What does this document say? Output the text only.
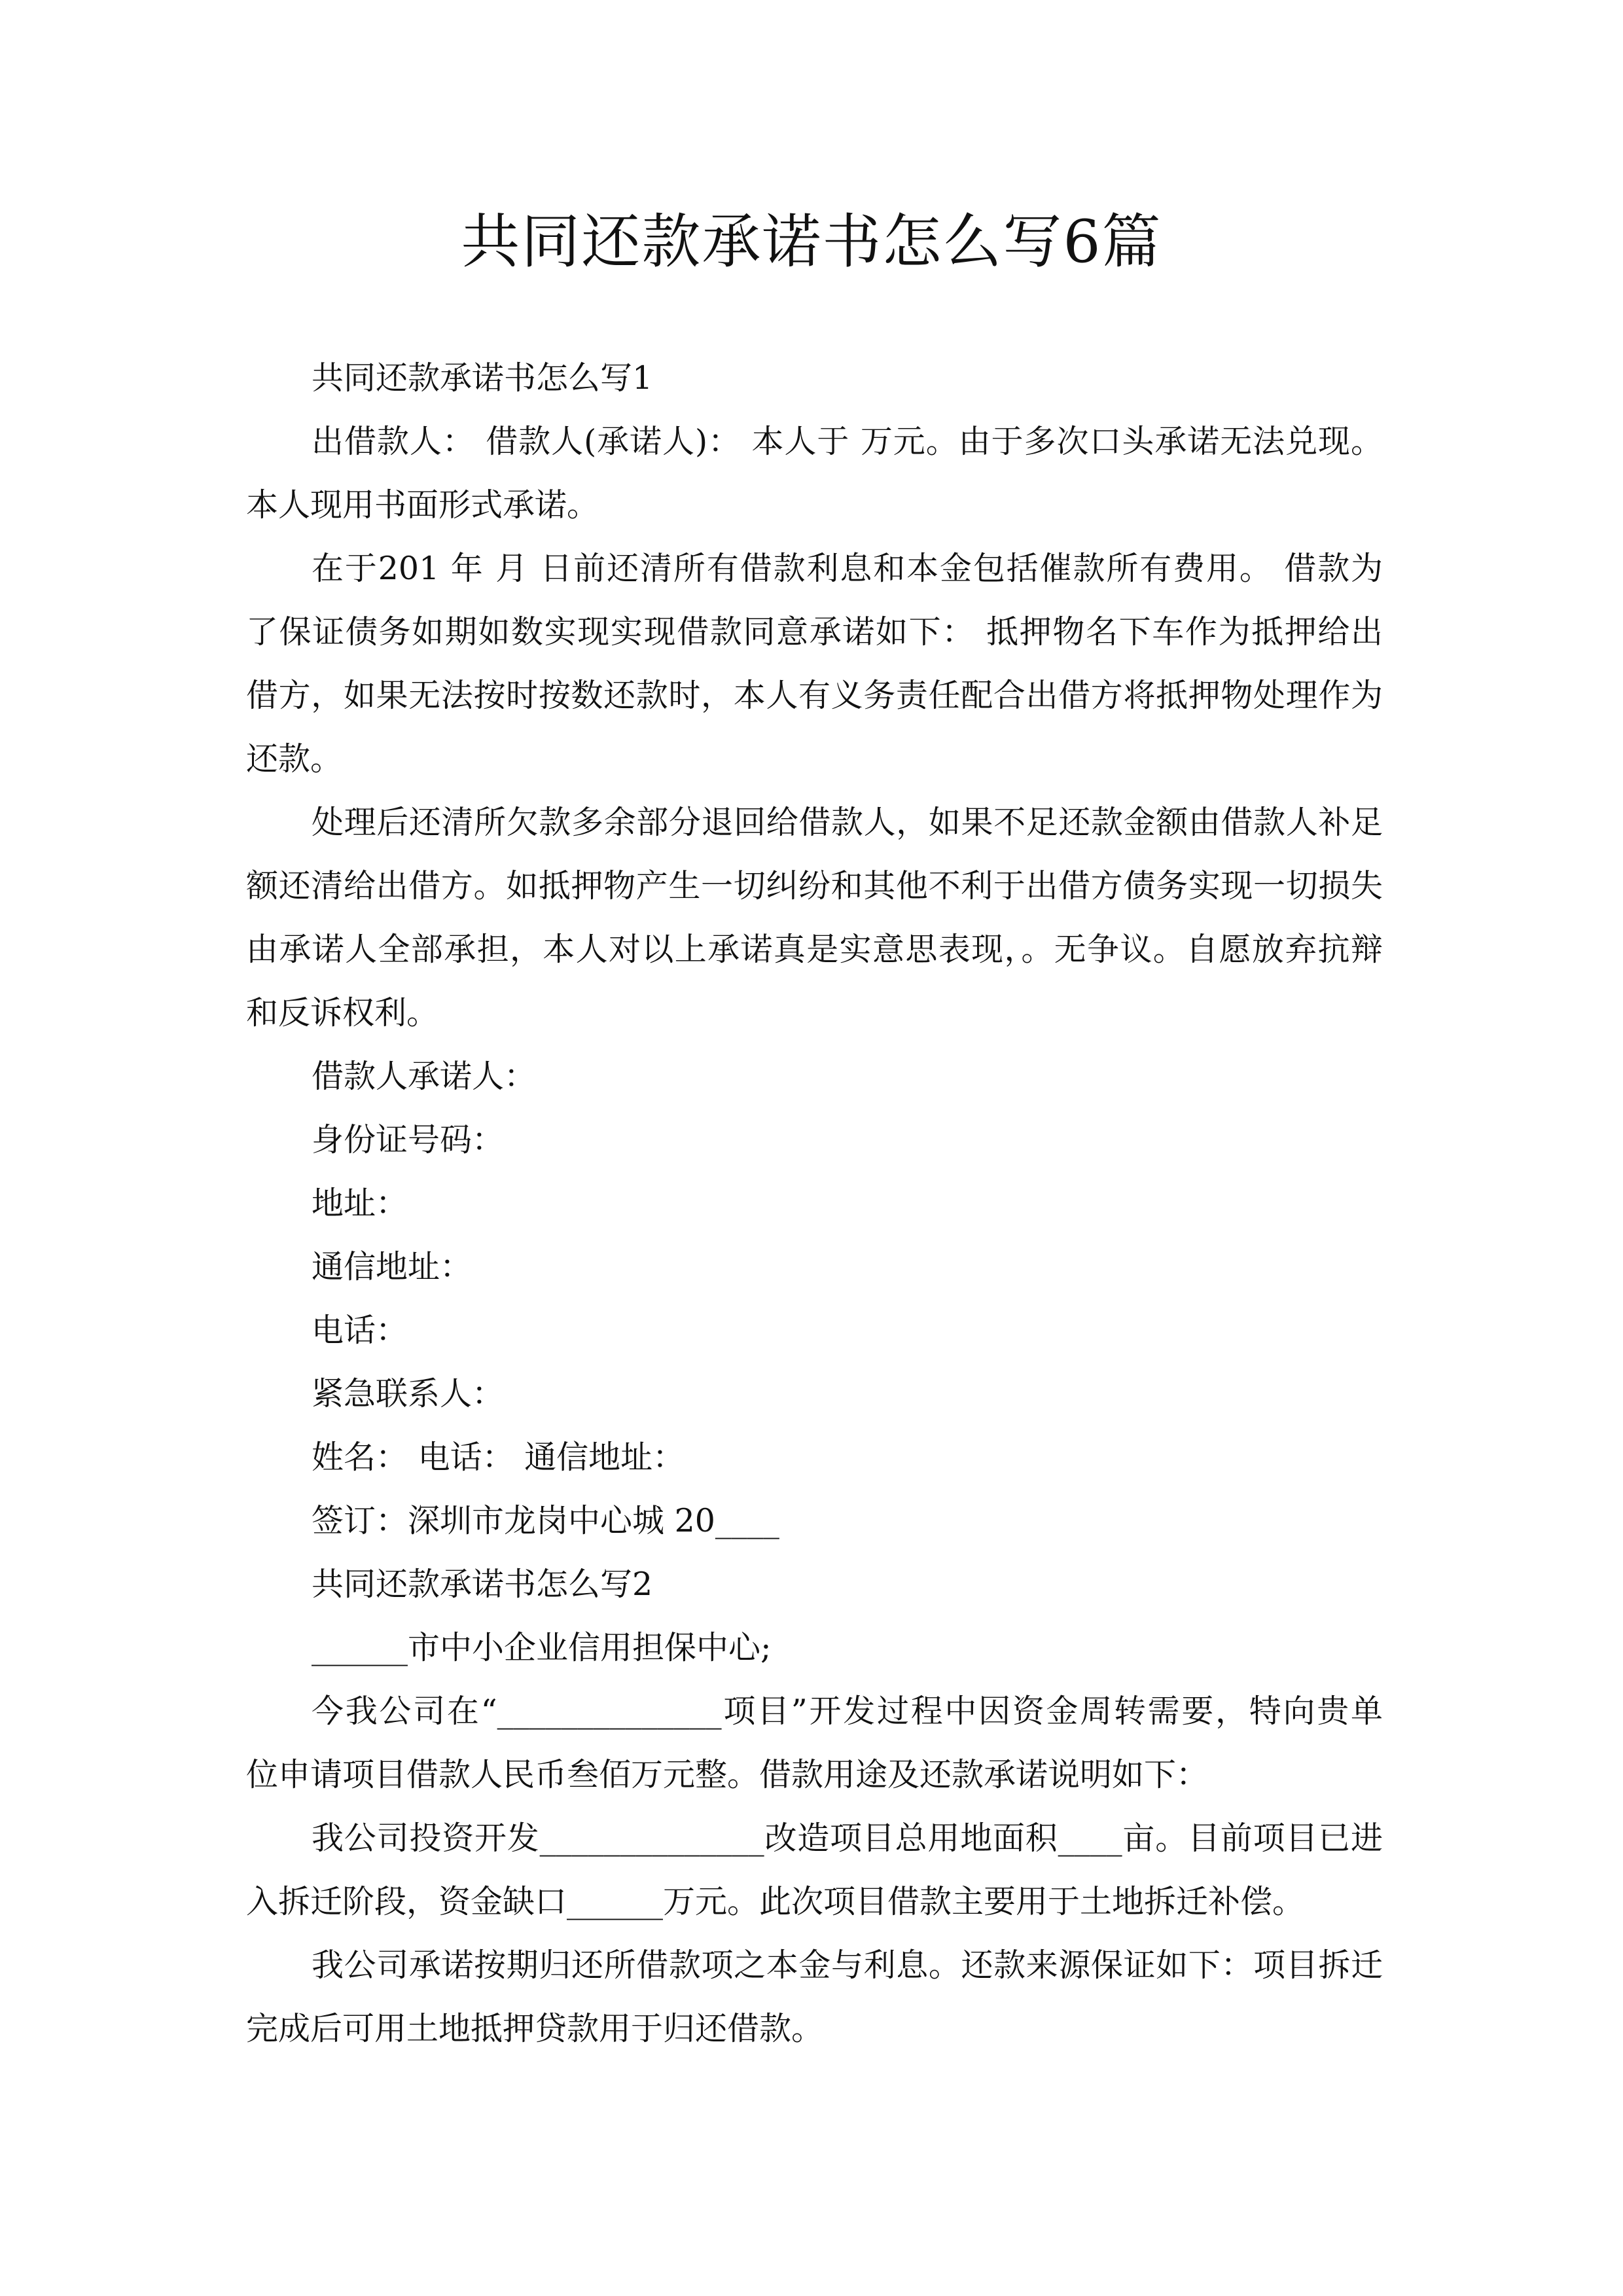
共同还款承诺书怎么写6篇
共同还款承诺书怎么写1
出借款人： 借款人(承诺人)： 本人于 万元。由于多次口头承诺无法兑现。
本人现用书面形式承诺。
在于201 年 月 日前还清所有借款利息和本金包括催款所有费用。 借款为
了保证债务如期如数实现实现借款同意承诺如下： 抵押物名下车作为抵押给出
借方，如果无法按时按数还款时，本人有义务责任配合出借方将抵押物处理作为
还款。
处理后还清所欠款多余部分退回给借款人，如果不足还款金额由借款人补足
额还清给出借方。如抵押物产生一切纠纷和其他不利于出借方债务实现一切损失
由承诺人全部承担，本人对以上承诺真是实意思表现，。无争议。自愿放弃抗辩
和反诉权利。
借款人承诺人：
身份证号码：
地址：
通信地址：
电话：
紧急联系人：
姓名： 电话： 通信地址：
签订：深圳市龙岗中心城 20____
共同还款承诺书怎么写2
______市中小企业信用担保中心;
今我公司在“______________项目”开发过程中因资金周转需要，特向贵单
位申请项目借款人民币叁佰万元整。借款用途及还款承诺说明如下：
我公司投资开发______________改造项目总用地面积____亩。目前项目已进
入拆迁阶段，资金缺口______万元。此次项目借款主要用于土地拆迁补偿。
我公司承诺按期归还所借款项之本金与利息。还款来源保证如下：项目拆迁
完成后可用土地抵押贷款用于归还借款。
